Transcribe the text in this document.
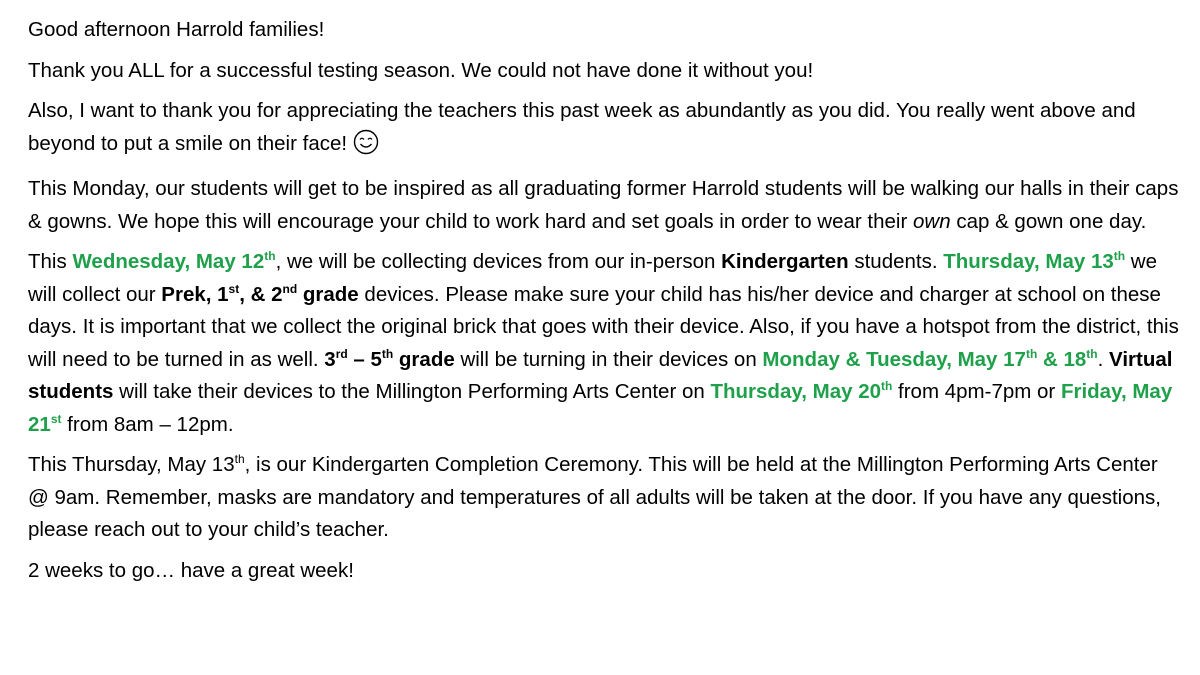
Good afternoon Harrold families!

Thank you ALL for a successful testing season. We could not have done it without you!

Also, I want to thank you for appreciating the teachers this past week as abundantly as you did. You really went above and beyond to put a smile on their face!

This Monday, our students will get to be inspired as all graduating former Harrold students will be walking our halls in their caps & gowns. We hope this will encourage your child to work hard and set goals in order to wear their own cap & gown one day.

This Wednesday, May 12th, we will be collecting devices from our in-person Kindergarten students. Thursday, May 13th we will collect our Prek, 1st, & 2nd grade devices. Please make sure your child has his/her device and charger at school on these days. It is important that we collect the original brick that goes with their device. Also, if you have a hotspot from the district, this will need to be turned in as well. 3rd – 5th grade will be turning in their devices on Monday & Tuesday, May 17th & 18th. Virtual students will take their devices to the Millington Performing Arts Center on Thursday, May 20th from 4pm-7pm or Friday, May 21st from 8am – 12pm.

This Thursday, May 13th, is our Kindergarten Completion Ceremony. This will be held at the Millington Performing Arts Center @ 9am. Remember, masks are mandatory and temperatures of all adults will be taken at the door. If you have any questions, please reach out to your child’s teacher.

2 weeks to go… have a great week!
